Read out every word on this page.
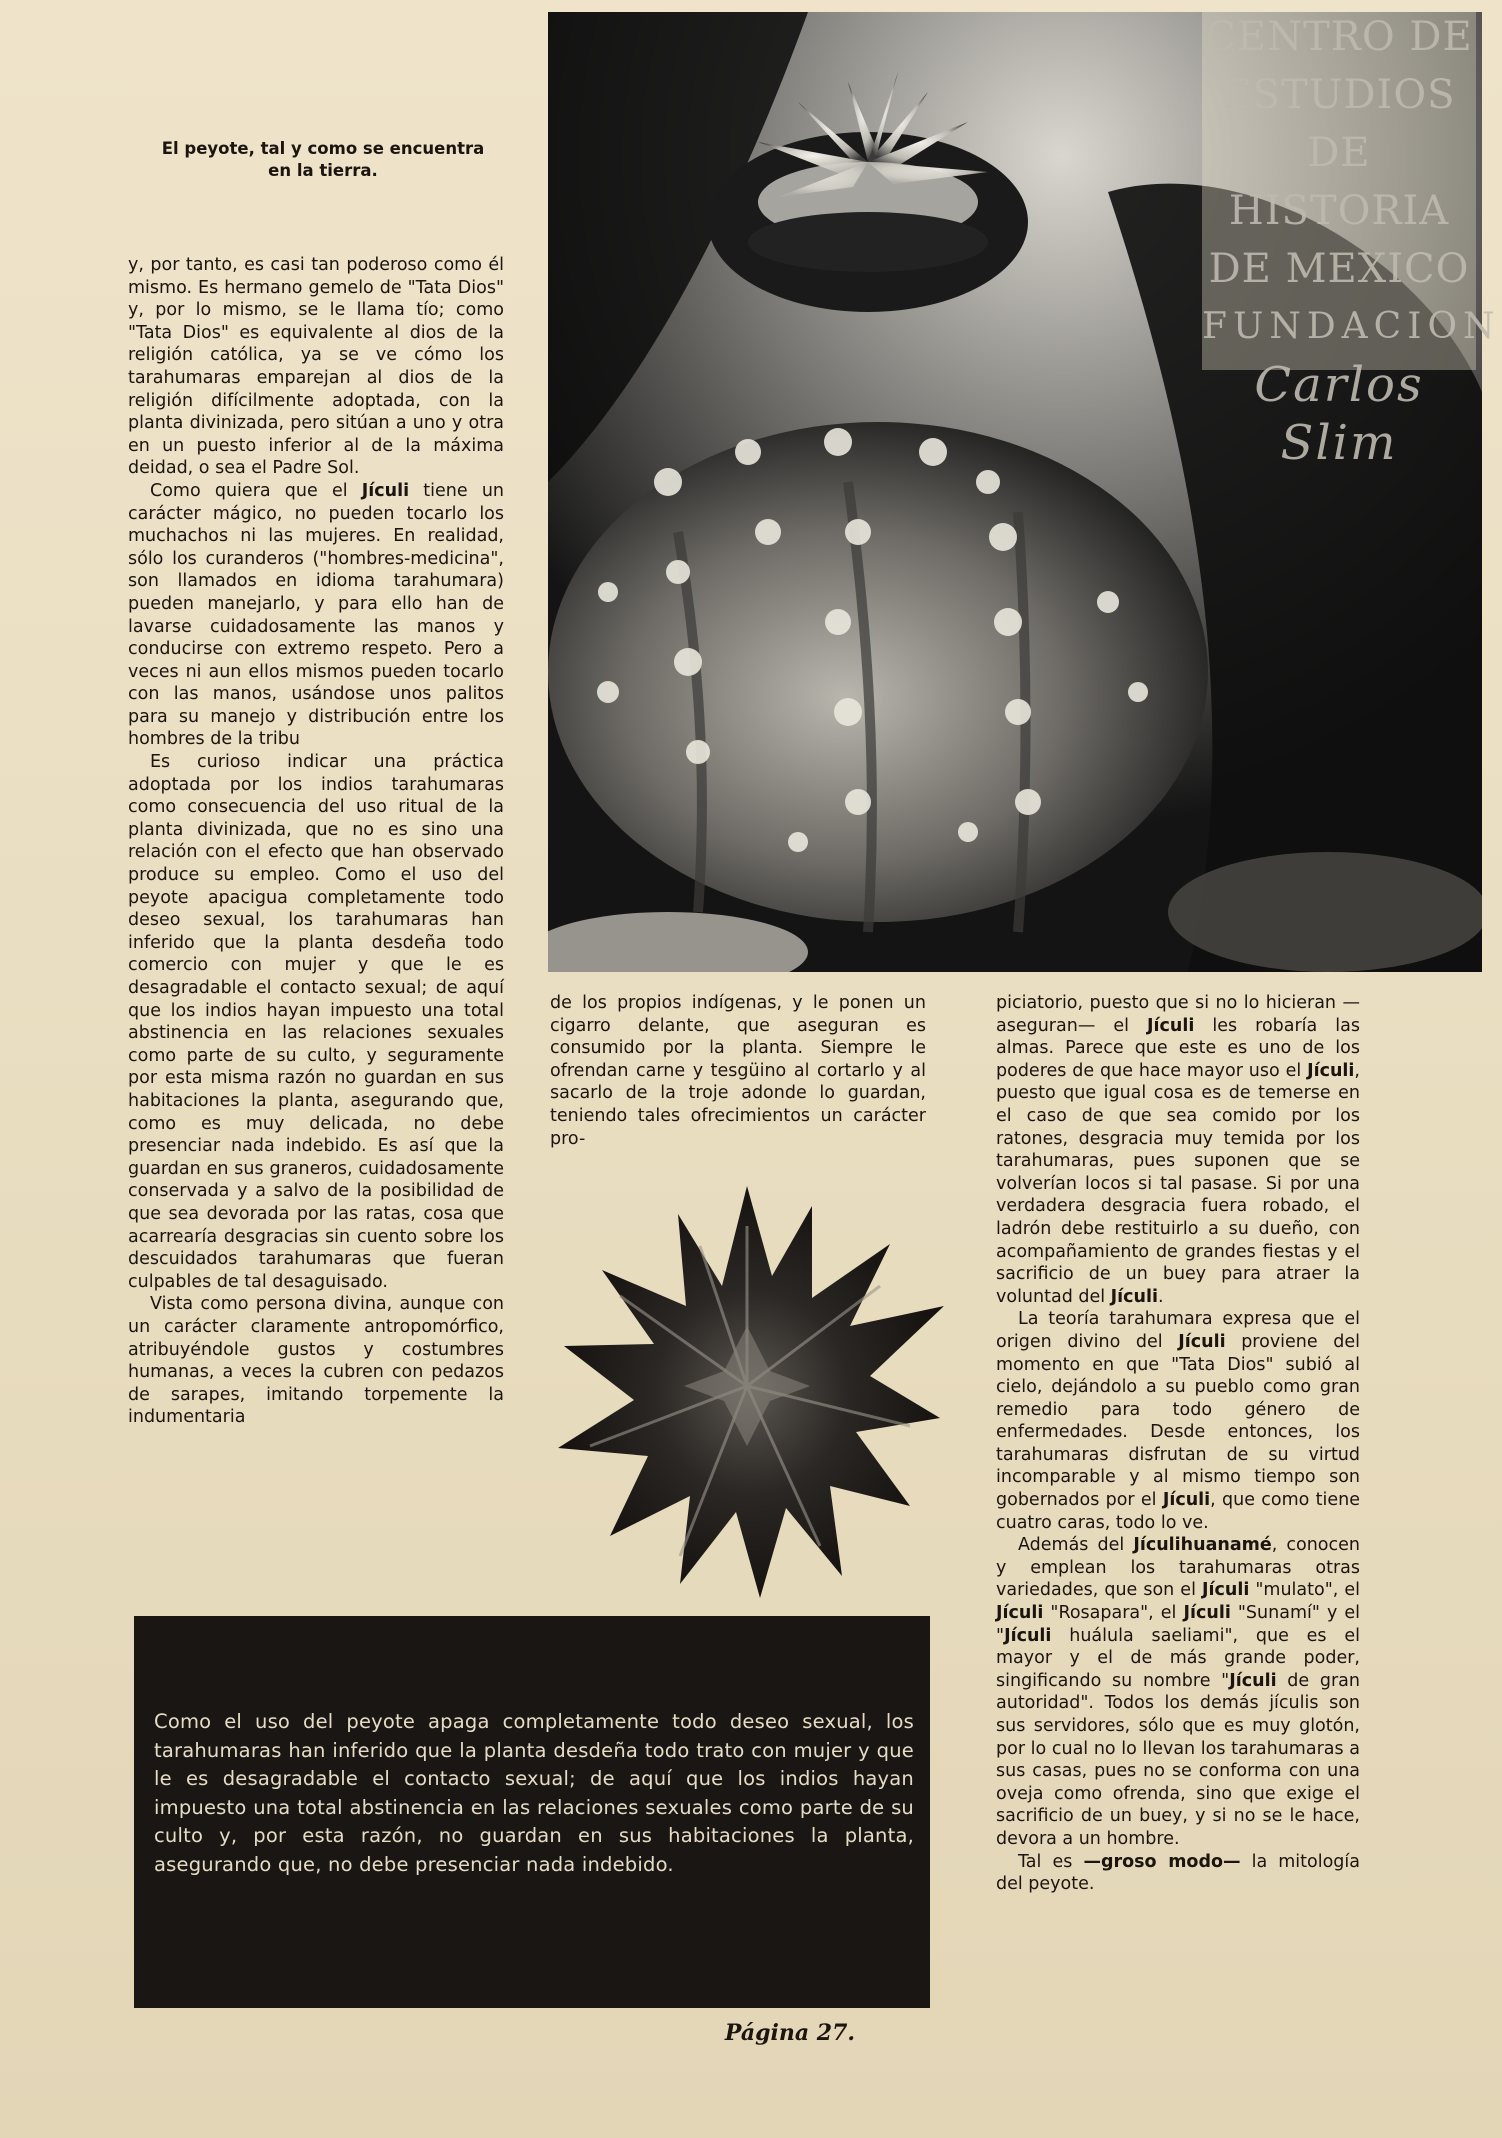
CENTRO DE
ESTUDIOS
DE HISTORIA
DE MEXICO
FUNDACION
Carlos Slim
El peyote, tal y como se encuentra
en la tierra.

y, por tanto, es casi tan poderoso como él mismo. Es hermano gemelo de "Tata Dios" y, por lo mismo, se le llama tío; como "Tata Dios" es equivalente al dios de la religión católica, ya se ve cómo los tarahumaras emparejan al dios de la religión difícilmente adoptada, con la planta divinizada, pero sitúan a uno y otra en un puesto inferior al de la máxima deidad, o sea el Padre Sol.

Como quiera que el Jículi tiene un carácter mágico, no pueden tocarlo los muchachos ni las mujeres. En realidad, sólo los curanderos ("hombres-medicina", son llamados en idioma tarahumara) pueden manejarlo, y para ello han de lavarse cuidadosamente las manos y conducirse con extremo respeto. Pero a veces ni aun ellos mismos pueden tocarlo con las manos, usándose unos palitos para su manejo y distribución entre los hombres de la tribu

Es curioso indicar una práctica adoptada por los indios tarahumaras como consecuencia del uso ritual de la planta divinizada, que no es sino una relación con el efecto que han observado produce su empleo. Como el uso del peyote apacigua completamente todo deseo sexual, los tarahumaras han inferido que la planta desdeña todo comercio con mujer y que le es desagradable el contacto sexual; de aquí que los indios hayan impuesto una total abstinencia en las relaciones sexuales como parte de su culto, y seguramente por esta misma razón no guardan en sus habitaciones la planta, asegurando que, como es muy delicada, no debe presenciar nada indebido. Es así que la guardan en sus graneros, cuidadosamente conservada y a salvo de la posibilidad de que sea devorada por las ratas, cosa que acarrearía desgracias sin cuento sobre los descuidados tarahumaras que fueran culpables de tal desaguisado.

Vista como persona divina, aunque con un carácter claramente antropomórfico, atribuyéndole gustos y costumbres humanas, a veces la cubren con pedazos de sarapes, imitando torpemente la indumentaria

de los propios indígenas, y le ponen un cigarro delante, que aseguran es consumido por la planta. Siempre le ofrendan carne y tesgüino al cortarlo y al sacarlo de la troje adonde lo guardan, teniendo tales ofrecimientos un carácter pro-

piciatorio, puesto que si no lo hicieran —aseguran— el Jículi les robaría las almas. Parece que este es uno de los poderes de que hace mayor uso el Jículi, puesto que igual cosa es de temerse en el caso de que sea comido por los ratones, desgracia muy temida por los tarahumaras, pues suponen que se volverían locos si tal pasase. Si por una verdadera desgracia fuera robado, el ladrón debe restituirlo a su dueño, con acompañamiento de grandes fiestas y el sacrificio de un buey para atraer la voluntad del Jículi.

La teoría tarahumara expresa que el origen divino del Jículi proviene del momento en que "Tata Dios" subió al cielo, dejándolo a su pueblo como gran remedio para todo género de enfermedades. Desde entonces, los tarahumaras disfrutan de su virtud incomparable y al mismo tiempo son gobernados por el Jículi, que como tiene cuatro caras, todo lo ve.

Además del Jículihuanamé, conocen y emplean los tarahumaras otras variedades, que son el Jículi "mulato", el Jículi "Rosapara", el Jículi "Sunamí" y el "Jículi huálula saeliami", que es el mayor y el de más grande poder, singificando su nombre "Jículi de gran autoridad". Todos los demás jículis son sus servidores, sólo que es muy glotón, por lo cual no lo llevan los tarahumaras a sus casas, pues no se conforma con una oveja como ofrenda, sino que exige el sacrificio de un buey, y si no se le hace, devora a un hombre.

Tal es —groso modo— la mitología del peyote.

Como el uso del peyote apaga completamente todo deseo sexual, los tarahumaras han inferido que la planta desdeña todo trato con mujer y que le es desagradable el contacto sexual; de aquí que los indios hayan impuesto una total abstinencia en las relaciones sexuales como parte de su culto y, por esta razón, no guardan en sus habitaciones la planta, asegurando que, no debe presenciar nada indebido.

Página 27.
